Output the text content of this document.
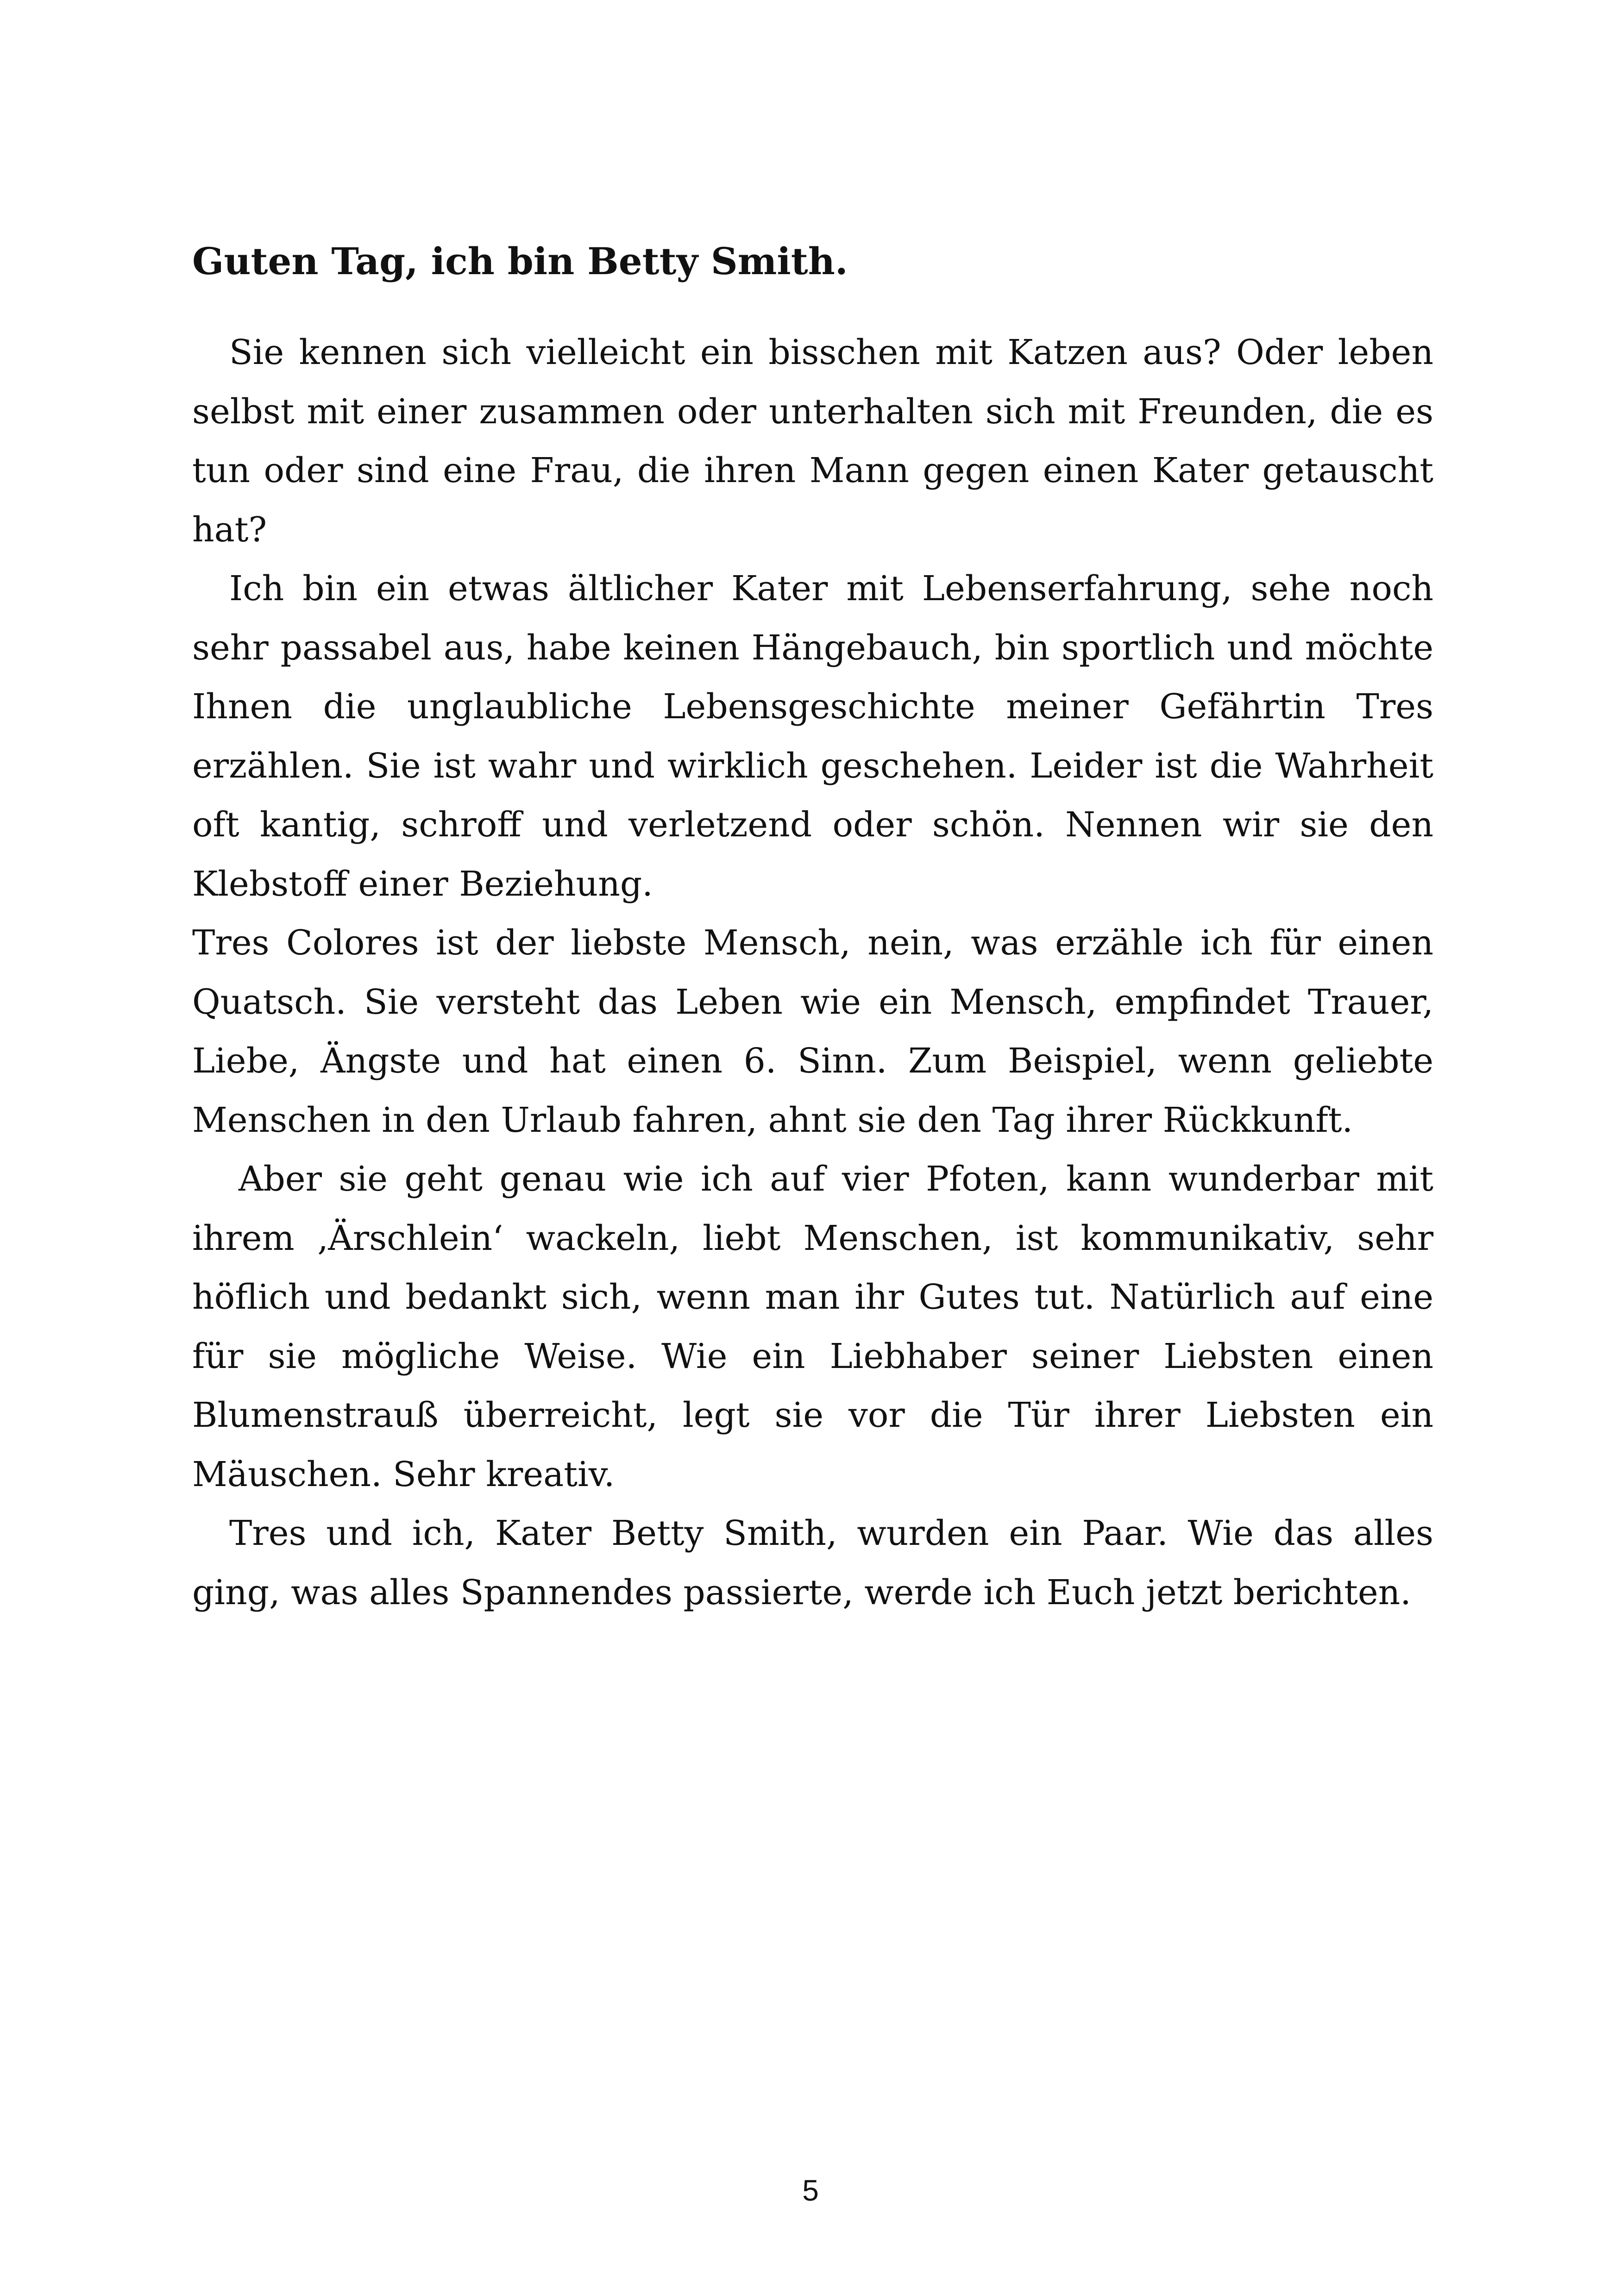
Guten Tag, ich bin Betty Smith.

Sie kennen sich vielleicht ein bisschen mit Katzen aus? Oder leben selbst mit einer zusammen oder unterhalten sich mit Freunden, die es tun oder sind eine Frau, die ihren Mann gegen einen Kater getauscht hat?

Ich bin ein etwas ältlicher Kater mit Lebenserfahrung, sehe noch sehr passabel aus, habe keinen Hängebauch, bin sportlich und möchte Ihnen die unglaubliche Lebensgeschichte meiner Gefährtin Tres erzählen. Sie ist wahr und wirklich geschehen. Leider ist die Wahrheit oft kantig, schroff und verletzend oder schön. Nennen wir sie den Klebstoff einer Beziehung.

Tres Colores ist der liebste Mensch, nein, was erzähle ich für einen Quatsch. Sie versteht das Leben wie ein Mensch, empfindet Trauer, Liebe, Ängste und hat einen 6. Sinn. Zum Beispiel, wenn geliebte Menschen in den Urlaub fahren, ahnt sie den Tag ihrer Rückkunft.

Aber sie geht genau wie ich auf vier Pfoten, kann wunderbar mit ihrem ‚Ärschlein‘ wackeln, liebt Menschen, ist kommunikativ, sehr höflich und bedankt sich, wenn man ihr Gutes tut. Natürlich auf eine für sie mögliche Weise. Wie ein Liebhaber seiner Liebsten einen Blumenstrauß überreicht, legt sie vor die Tür ihrer Liebsten ein Mäuschen. Sehr kreativ.

Tres und ich, Kater Betty Smith, wurden ein Paar. Wie das alles ging, was alles Spannendes passierte, werde ich Euch jetzt berichten.

5
